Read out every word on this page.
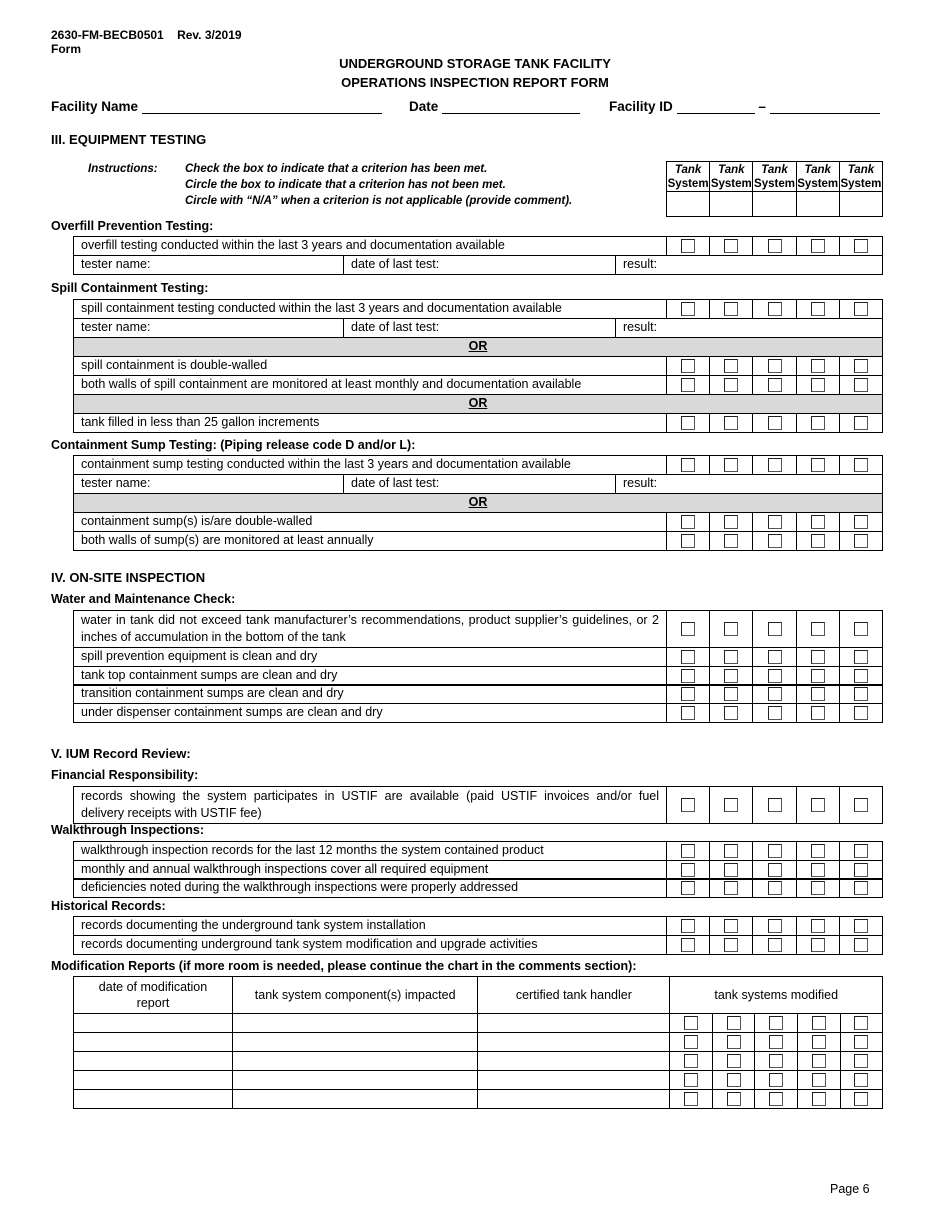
2630-FM-BECB0501 Rev. 3/2019
Form
UNDERGROUND STORAGE TANK FACILITY
OPERATIONS INSPECTION REPORT FORM
Facility Name	Date	Facility ID	–
Instructions: Check the box to indicate that a criterion has been met.
Circle the box to indicate that a criterion has not been met.
Circle with “N/A” when a criterion is not applicable (provide comment).
Tank
System
Tank
System
Tank
System
Tank
System
Tank
System
III. EQUIPMENT TESTING
Overfill Prevention Testing:
overfill testing conducted within the last 3 years and documentation available
tester name:	date of last test:	result:
Spill Containment Testing:
spill containment testing conducted within the last 3 years and documentation available
tester name:	date of last test:	result:
OR
spill containment is double-walled
both walls of spill containment are monitored at least monthly and documentation available
OR
tank filled in less than 25 gallon increments
Containment Sump Testing: (Piping release code D and/or L):
containment sump testing conducted within the last 3 years and documentation available
tester name:	date of last test:	result:
OR
containment sump(s) is/are double-walled
both walls of sump(s) are monitored at least annually
IV. ON-SITE INSPECTION
Water and Maintenance Check:
water in tank did not exceed tank manufacturer’s recommendations, product supplier’s guidelines, or 2 inches of accumulation in the bottom of the tank
spill prevention equipment is clean and dry
tank top containment sumps are clean and dry
transition containment sumps are clean and dry
under dispenser containment sumps are clean and dry
V. IUM Record Review:
Financial Responsibility:
records showing the system participates in USTIF are available (paid USTIF invoices and/or fuel delivery receipts with USTIF fee)
Walkthrough Inspections:
walkthrough inspection records for the last 12 months the system contained product
monthly and annual walkthrough inspections cover all required equipment
deficiencies noted during the walkthrough inspections were properly addressed
Historical Records:
records documenting the underground tank system installation
records documenting underground tank system modification and upgrade activities
Modification Reports (if more room is needed, please continue the chart in the comments section):
date of modification report	tank system component(s) impacted	certified tank handler	tank systems modified

Page 6
